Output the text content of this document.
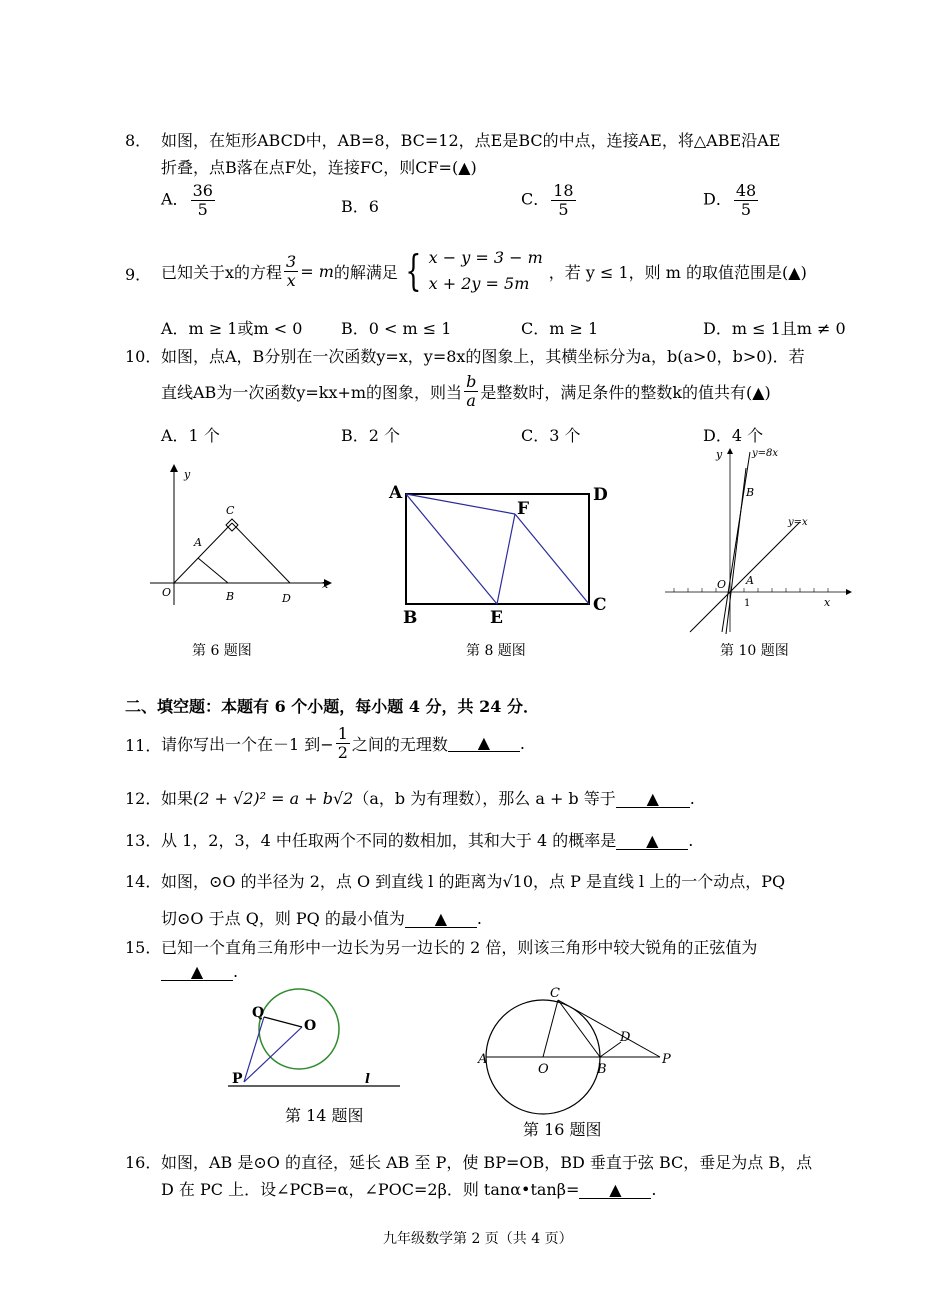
8． 如图，在矩形ABCD中，AB=8，BC=12，点E是BC的中点，连接AE，将△ABE沿AE
折叠，点B落在点F处，连接FC，则CF=(▲)
A． $\frac{36}{5}$	B．6	C． $\frac{18}{5}$	D． $\frac{48}{5}$
9． 已知关于x的方程 $\frac{3}{x} = m$ 的解满足 { x − y = 3 − m
x + 2y = 5m
，若 y ≤ 1，则 m 的取值范围是(▲)
A．m ≥ 1或m < 0 B．0 < m ≤ 1	C．m ≥ 1	D．m ≤ 1且m ≠ 0
10． 如图，点A，B分别在一次函数y=x，y=8x的图象上，其横坐标分为a，b(a>0，b>0)．若
直线AB为一次函数y=kx+m的图象，则当 $\frac{b}{a}$ 是整数时，满足条件的整数k的值共有(▲)
A．1 个	B．2 个	C．3 个	D．4 个
y
x
O
A
C
B	D
第 6 题图
A	D
F
B	E
C
第 8 题图
y	y=8x
B
y=x
O A
1	x
第 10 题图
二、填空题：本题有 6 个小题，每小题 4 分，共 24 分．
11． 请你写出一个在－1 到− $\frac{1}{2}$ 之间的无理数	▲	.
12． 如果(2 + √2)² = a + b√2（a，b 为有理数），那么 a + b 等于 ▲ .
13． 从 1，2，3，4 中任取两个不同的数相加，其和大于 4 的概率是 ▲ .
14． 如图，⊙O 的半径为 2，点 O 到直线 l 的距离为√10，点 P 是直线 l 上的一个动点，PQ
切⊙O 于点 Q，则 PQ 的最小值为 ▲ .
15． 已知一个直角三角形中一边长为另一边长的 2 倍，则该三角形中较大锐角的正弦值为
▲ .
Q
O
P	l
第 14 题图
A
O	B
C
D
P
第 16 题图
16． 如图，AB 是⊙O 的直径，延长 AB 至 P，使 BP=OB，BD 垂直于弦 BC，垂足为点 B，点
D 在 PC 上．设∠PCB=α，∠POC=2β．则 tanα•tanβ= ▲ .
九年级数学第 2 页（共 4 页）
